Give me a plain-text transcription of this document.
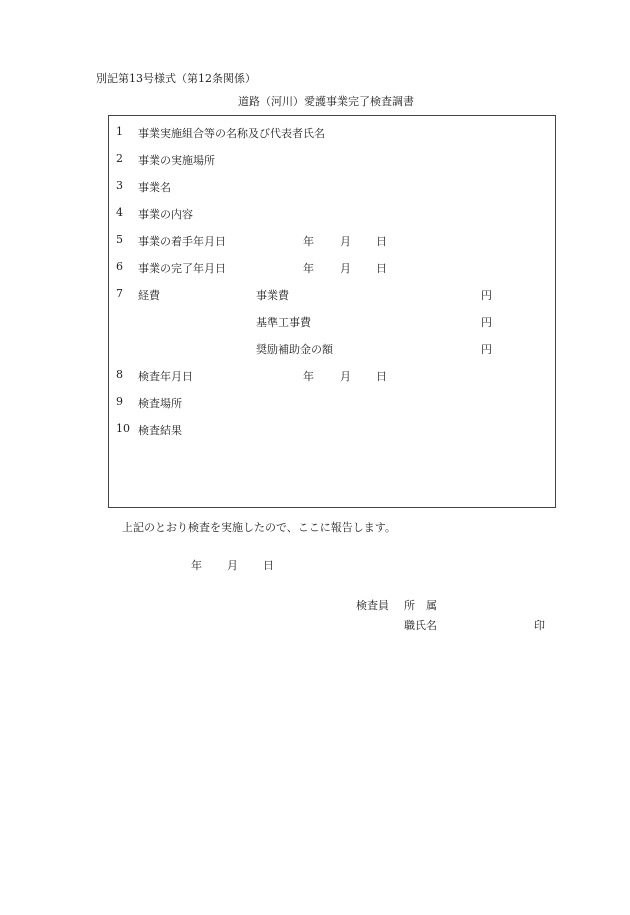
別記第13号様式（第12条関係）
道路（河川）愛護事業完了検査調書
1	事業実施組合等の名称及び代表者氏名
2	事業の実施場所
3	事業名
4	事業の内容
5	事業の着手年月日	年 月 日
6	事業の完了年月日	年 月 日
7	経費	事業費	円
基準工事費	円
奨励補助金の額	円
8	検査年月日	年 月 日
9	検査場所
10 検査結果
上記のとおり検査を実施したので、ここに報告します。
年 月 日
検査員 所　属
職氏名	印
